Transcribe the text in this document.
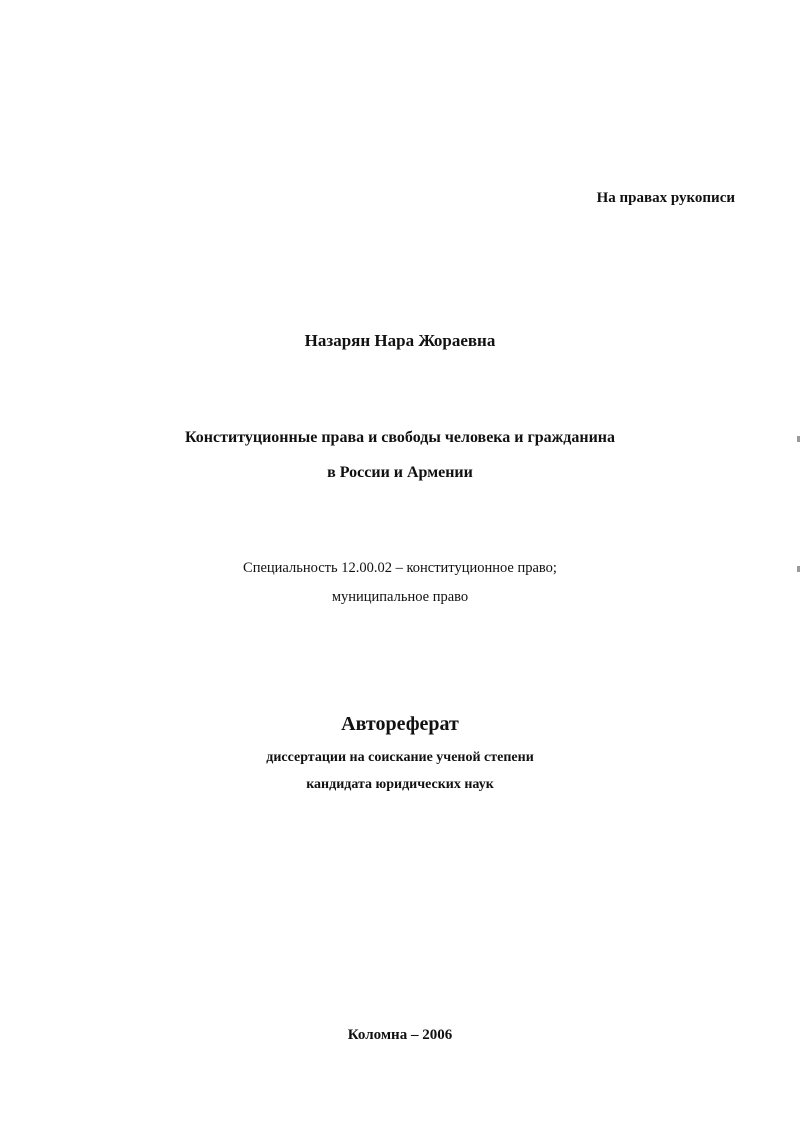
На правах рукописи
Назарян Нара Жораевна
Конституционные права и свободы человека и гражданина
в России и Армении
Специальность 12.00.02 – конституционное право;
муниципальное право
Автореферат
диссертации на соискание ученой степени
кандидата юридических наук
Коломна – 2006
